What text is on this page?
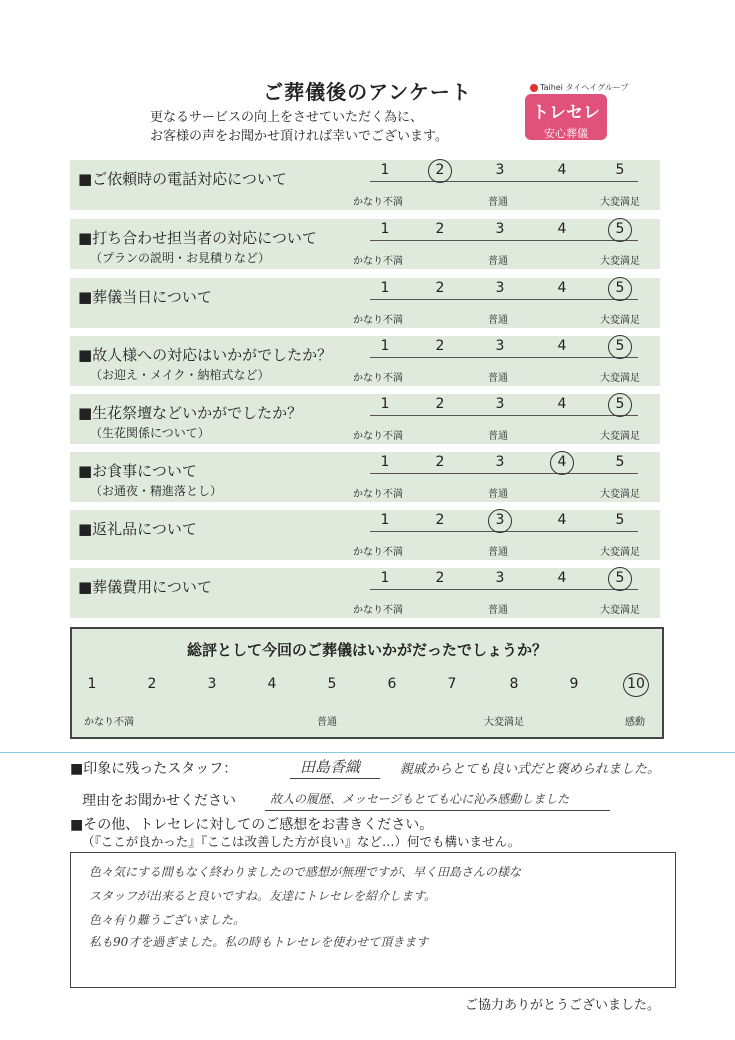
ご葬儀後のアンケート
更なるサービスの向上をさせていただく為に、
お客様の声をお聞かせ頂ければ幸いでございます。
Taihei タイヘイグループ
トレセレ
安心葬儀
■ご依頼時の電話対応について	1	2	3	4	5
かなり不満	普通	大変満足
■打ち合わせ担当者の対応について
（プランの説明・お見積りなど）
1	2	3	4	5
かなり不満	普通	大変満足
■葬儀当日について	1	2	3	4	5
かなり不満	普通	大変満足
■故人様への対応はいかがでしたか？
（お迎え・メイク・納棺式など）
1	2	3	4	5
かなり不満	普通	大変満足
■生花祭壇などいかがでしたか？
（生花関係について）
1	2	3	4	5
かなり不満	普通	大変満足
■お食事について
（お通夜・精進落とし）
1	2	3	4	5
かなり不満	普通	大変満足
■返礼品について	1	2	3	4	5
かなり不満	普通	大変満足
■葬儀費用について	1	2	3	4	5
かなり不満	普通	大変満足
総評として今回のご葬儀はいかがだったでしょうか？
1	2	3	4	5	6	7	8	9	10
かなり不満	普通	大変満足	感動
■印象に残ったスタッフ：	田島香織	親戚からとても良い式だと褒められました。
理由をお聞かせください	故人の履歴、メッセージもとても心に沁み感動しました
■その他、トレセレに対してのご感想をお書きください。
（『ここが良かった』『ここは改善した方が良い』など…）何でも構いません。
色々気にする間もなく終わりましたので感想が無理ですが、早く田島さんの様な
スタッフが出来ると良いですね。友達にトレセレを紹介します。
色々有り難うございました。
私も90才を過ぎました。私の時もトレセレを使わせて頂きます
ご協力ありがとうございました。
